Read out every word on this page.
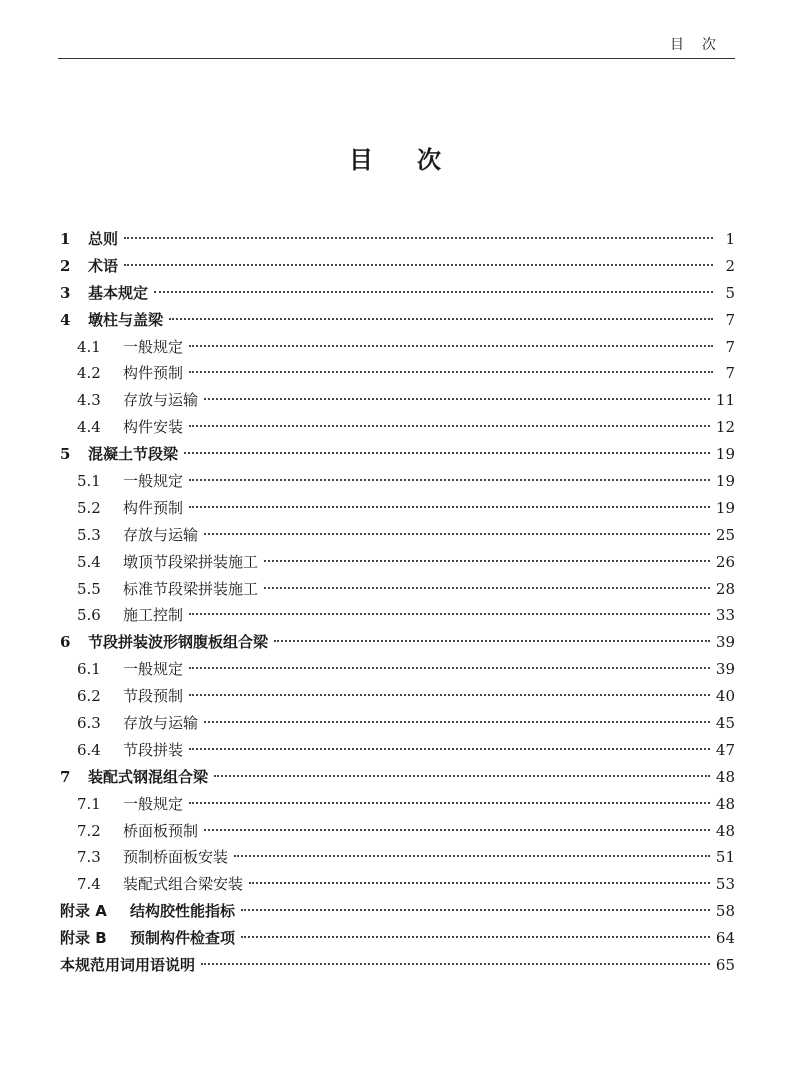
目次
目次
1	总则	1
2	术语	2
3	基本规定	5
4	墩柱与盖梁	7
4.1	一般规定	7
4.2	构件预制	7
4.3	存放与运输	11
4.4	构件安装	12
5	混凝土节段梁	19
5.1	一般规定	19
5.2	构件预制	19
5.3	存放与运输	25
5.4	墩顶节段梁拼装施工	26
5.5	标准节段梁拼装施工	28
5.6	施工控制	33
6	节段拼装波形钢腹板组合梁	39
6.1	一般规定	39
6.2	节段预制	40
6.3	存放与运输	45
6.4	节段拼装	47
7	装配式钢混组合梁	48
7.1	一般规定	48
7.2	桥面板预制	48
7.3	预制桥面板安装	51
7.4	装配式组合梁安装	53
附录 A	结构胶性能指标	58
附录 B	预制构件检查项	64
本规范用词用语说明	65
